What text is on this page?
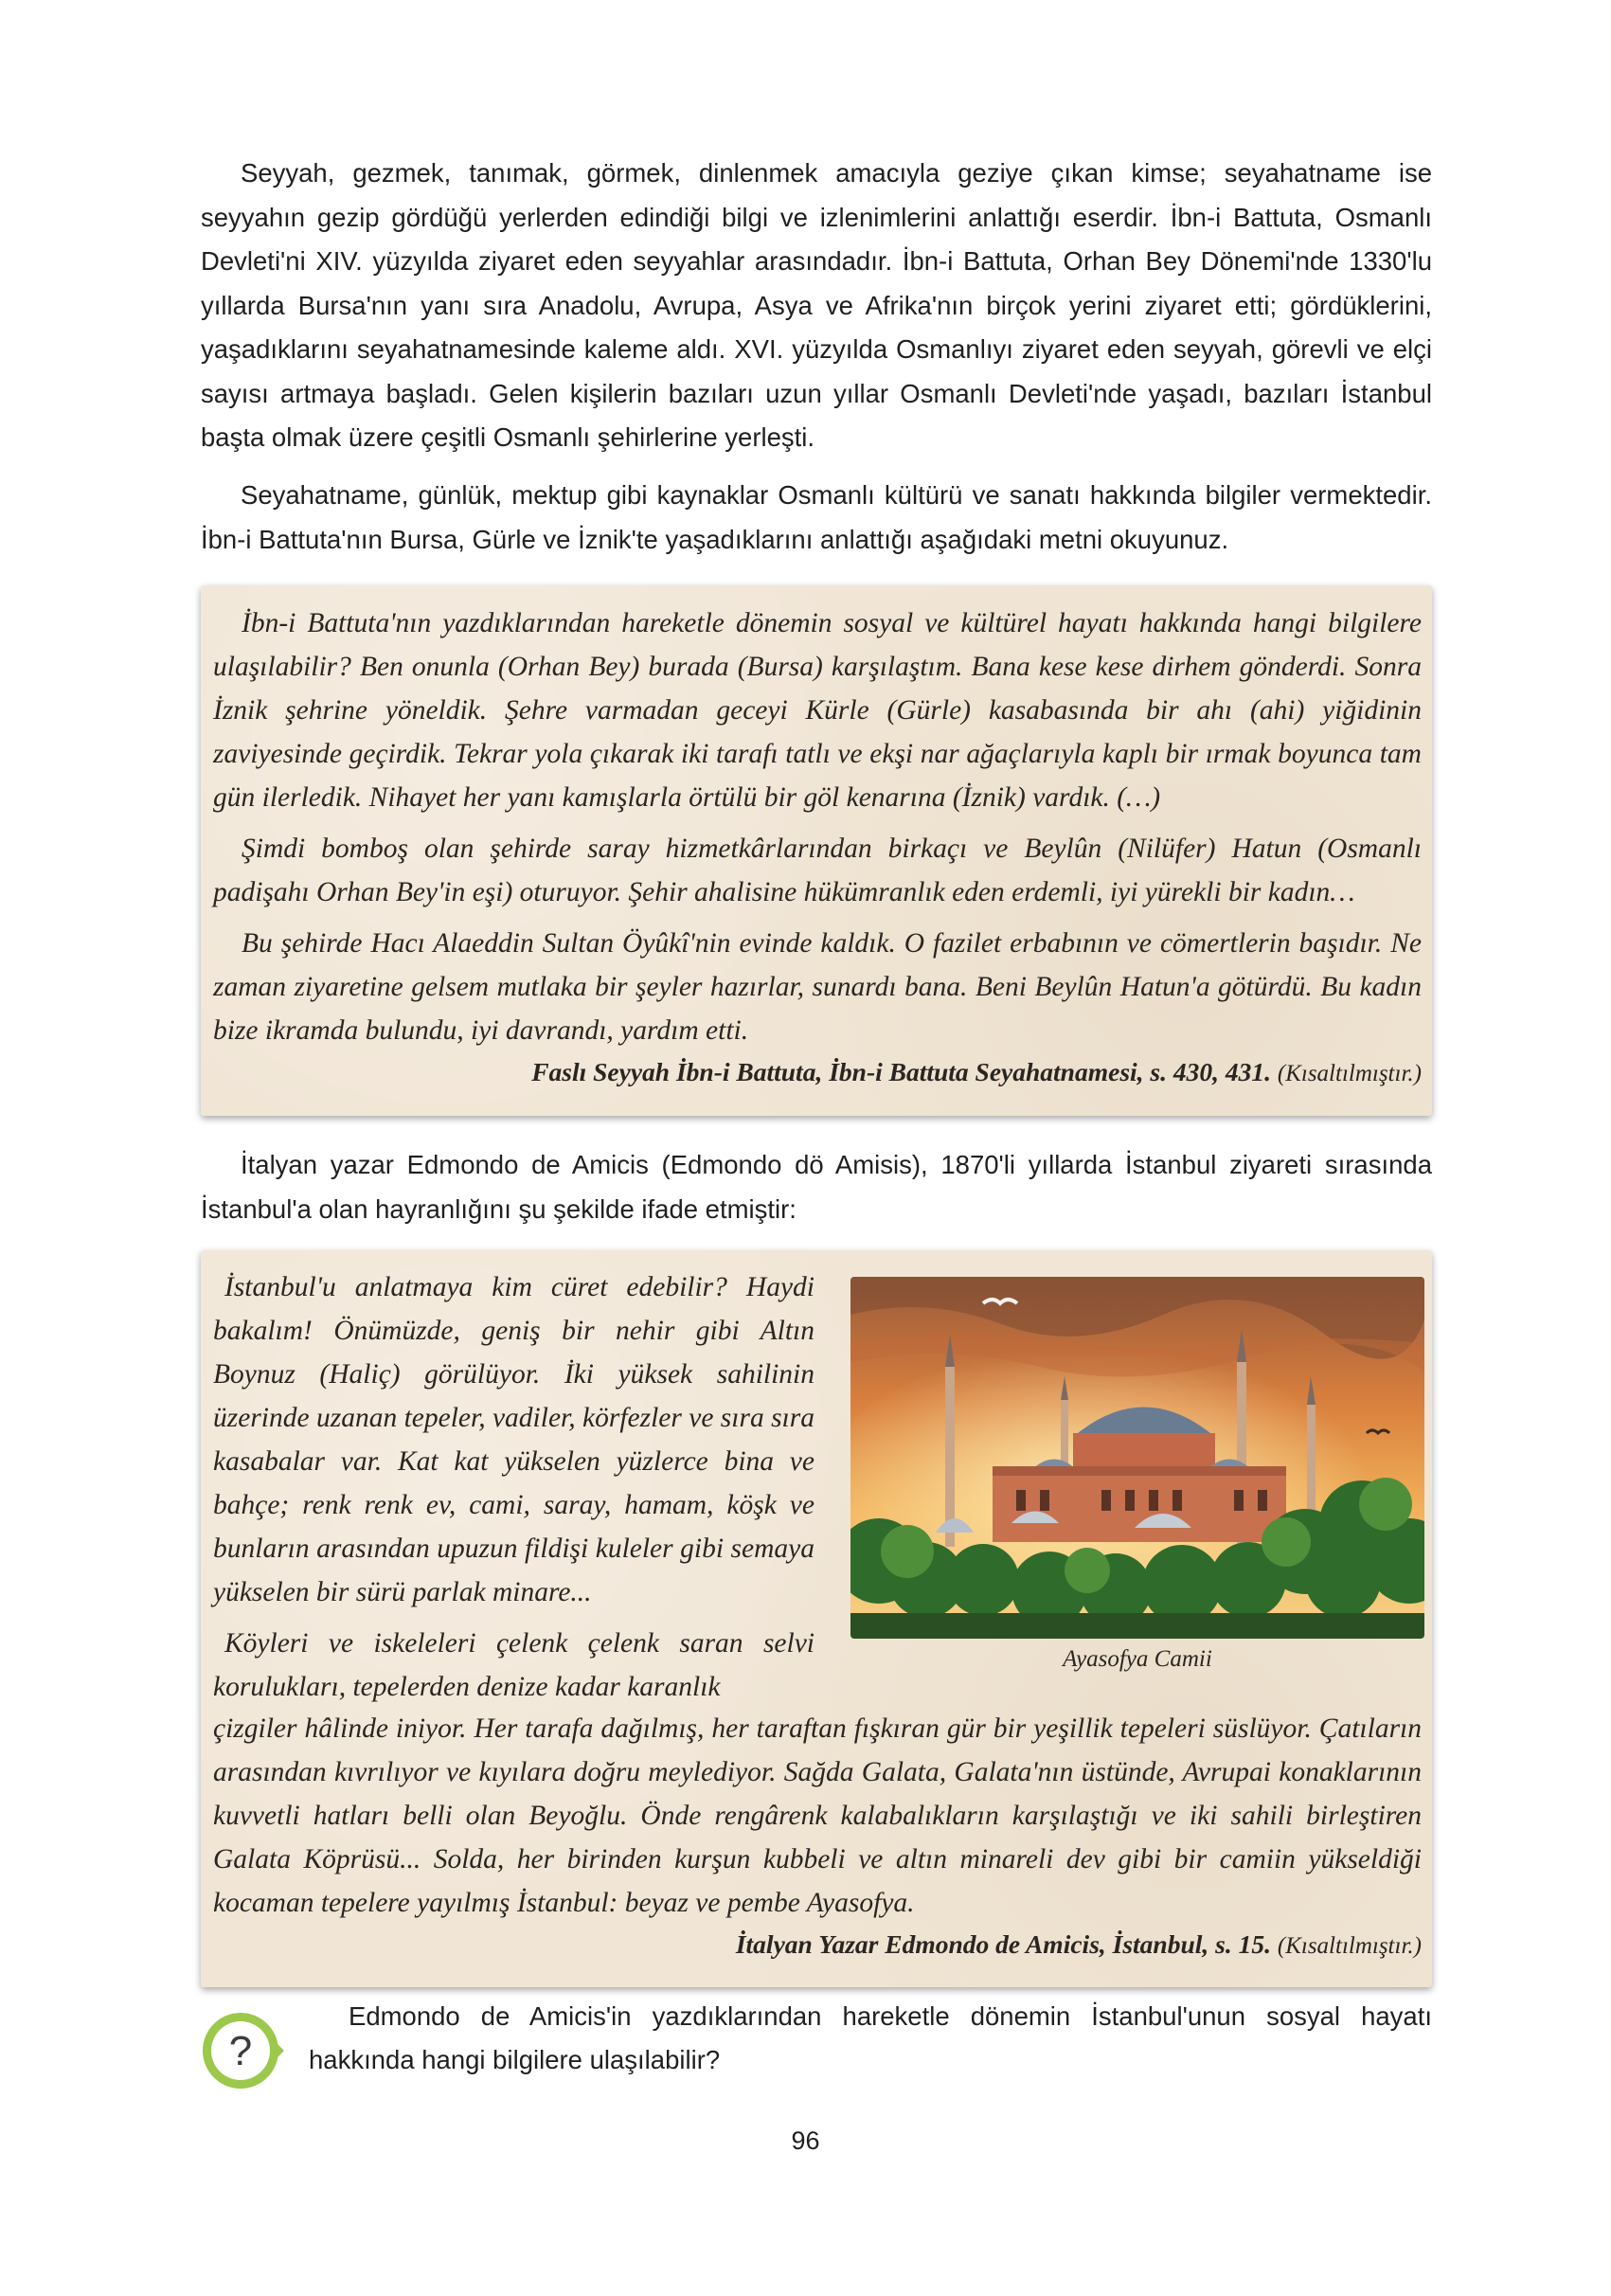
Seyyah, gezmek, tanımak, görmek, dinlenmek amacıyla geziye çıkan kimse; seyahatname ise seyyahın gezip gördüğü yerlerden edindiği bilgi ve izlenimlerini anlattığı eserdir. İbn-i Battuta, Osmanlı Devleti'ni XIV. yüzyılda ziyaret eden seyyahlar arasındadır. İbn-i Battuta, Orhan Bey Dönemi'nde 1330'lu yıllarda Bursa'nın yanı sıra Anadolu, Avrupa, Asya ve Afrika'nın birçok yerini ziyaret etti; gördüklerini, yaşadıklarını seyahatnamesinde kaleme aldı. XVI. yüzyılda Osmanlıyı ziyaret eden seyyah, görevli ve elçi sayısı artmaya başladı. Gelen kişilerin bazıları uzun yıllar Osmanlı Devleti'nde yaşadı, bazıları İstanbul başta olmak üzere çeşitli Osmanlı şehirlerine yerleşti.

Seyahatname, günlük, mektup gibi kaynaklar Osmanlı kültürü ve sanatı hakkında bilgiler vermektedir. İbn-i Battuta'nın Bursa, Gürle ve İznik'te yaşadıklarını anlattığı aşağıdaki metni okuyunuz.

İbn-i Battuta'nın yazdıklarından hareketle dönemin sosyal ve kültürel hayatı hakkında hangi bilgilere ulaşılabilir? Ben onunla (Orhan Bey) burada (Bursa) karşılaştım. Bana kese kese dirhem gönderdi. Sonra İznik şehrine yöneldik. Şehre varmadan geceyi Kürle (Gürle) kasabasında bir ahı (ahi) yiğidinin zaviyesinde geçirdik. Tekrar yola çıkarak iki tarafı tatlı ve ekşi nar ağaçlarıyla kaplı bir ırmak boyunca tam gün ilerledik. Nihayet her yanı kamışlarla örtülü bir göl kenarına (İznik) vardık. (…)

Şimdi bomboş olan şehirde saray hizmetkârlarından birkaçı ve Beylûn (Nilüfer) Hatun (Osmanlı padişahı Orhan Bey'in eşi) oturuyor. Şehir ahalisine hükümranlık eden erdemli, iyi yürekli bir kadın…

Bu şehirde Hacı Alaeddin Sultan Öyûkî'nin evinde kaldık. O fazilet erbabının ve cömertlerin başıdır. Ne zaman ziyaretine gelsem mutlaka bir şeyler hazırlar, sunardı bana. Beni Beylûn Hatun'a götürdü. Bu kadın bize ikramda bulundu, iyi davrandı, yardım etti.

Faslı Seyyah İbn-i Battuta, İbn-i Battuta Seyahatnamesi, s. 430, 431. (Kısaltılmıştır.)

İtalyan yazar Edmondo de Amicis (Edmondo dö Amisis), 1870'li yıllarda İstanbul ziyareti sırasında İstanbul'a olan hayranlığını şu şekilde ifade etmiştir:

İstanbul'u anlatmaya kim cüret edebilir? Haydi bakalım! Önümüzde, geniş bir nehir gibi Altın Boynuz (Haliç) görülüyor. İki yüksek sahilinin üzerinde uzanan tepeler, vadiler, körfezler ve sıra sıra kasabalar var. Kat kat yükselen yüzlerce bina ve bahçe; renk renk ev, cami, saray, hamam, köşk ve bunların arasından upuzun fildişi kuleler gibi semaya yükselen bir sürü parlak minare...

Köyleri ve iskeleleri çelenk çelenk saran selvi korulukları, tepelerden denize kadar karanlık

Ayasofya Camii

çizgiler hâlinde iniyor. Her tarafa dağılmış, her taraftan fışkıran gür bir yeşillik tepeleri süslüyor. Çatıların arasından kıvrılıyor ve kıyılara doğru meylediyor. Sağda Galata, Galata'nın üstünde, Avrupai konaklarının kuvvetli hatları belli olan Beyoğlu. Önde rengârenk kalabalıkların karşılaştığı ve iki sahili birleştiren Galata Köprüsü... Solda, her birinden kurşun kubbeli ve altın minareli dev gibi bir camiin yükseldiği kocaman tepelere yayılmış İstanbul: beyaz ve pembe Ayasofya.

İtalyan Yazar Edmondo de Amicis, İstanbul, s. 15. (Kısaltılmıştır.)

?

Edmondo de Amicis'in yazdıklarından hareketle dönemin İstanbul'unun sosyal hayatı hakkında hangi bilgilere ulaşılabilir?

96
